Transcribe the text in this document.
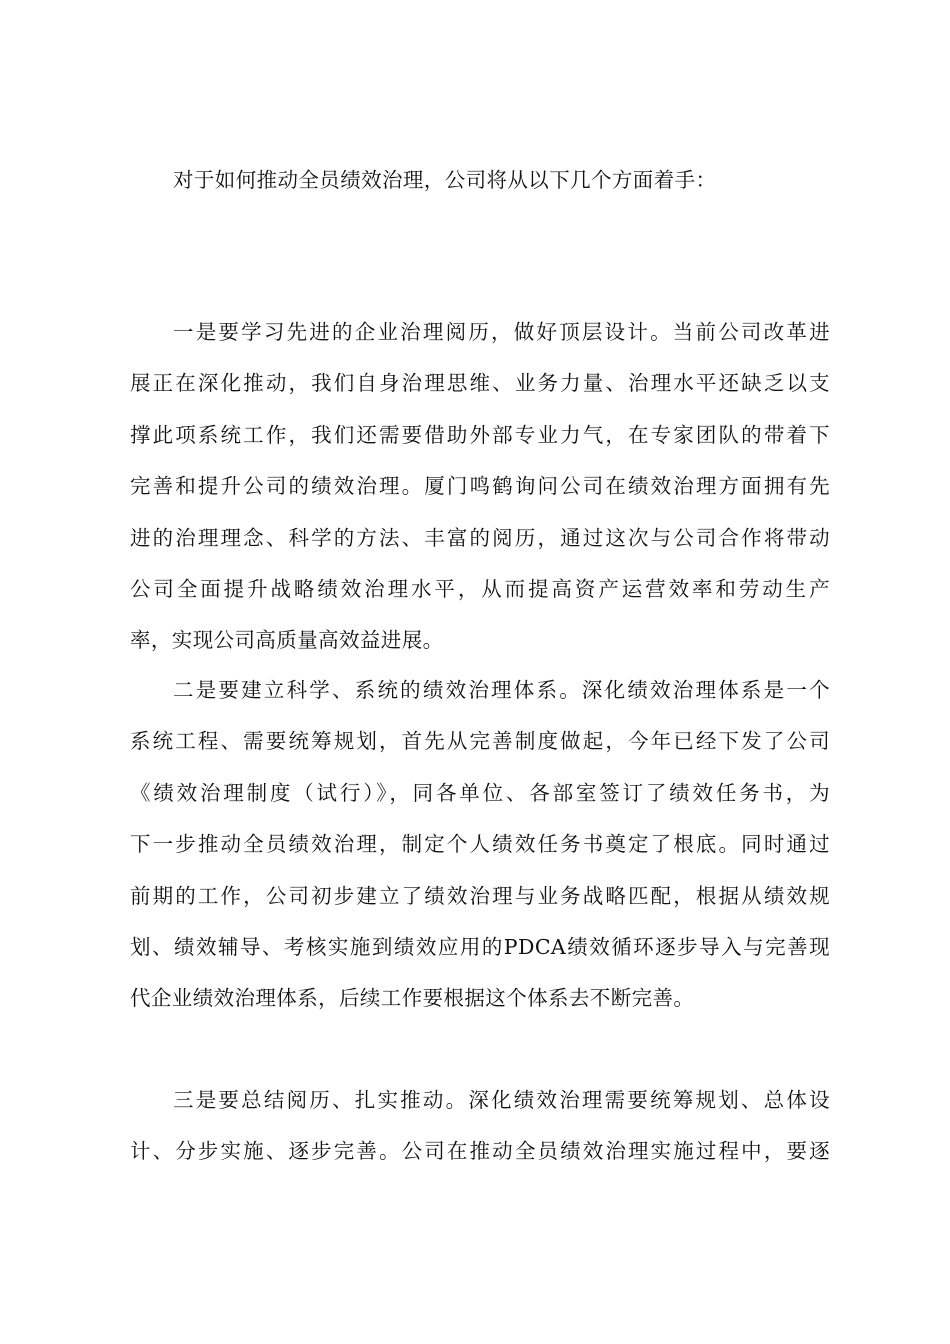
对于如何推动全员绩效治理，公司将从以下几个方面着手：

一是要学习先进的企业治理阅历，做好顶层设计。当前公司改革进
展正在深化推动，我们自身治理思维、业务力量、治理水平还缺乏以支
撑此项系统工作，我们还需要借助外部专业力气，在专家团队的带着下
完善和提升公司的绩效治理。厦门鸣鹤询问公司在绩效治理方面拥有先
进的治理理念、科学的方法、丰富的阅历，通过这次与公司合作将带动
公司全面提升战略绩效治理水平，从而提高资产运营效率和劳动生产
率，实现公司高质量高效益进展。

二是要建立科学、系统的绩效治理体系。深化绩效治理体系是一个
系统工程、需要统筹规划，首先从完善制度做起，今年已经下发了公司
《绩效治理制度（试行）》，同各单位、各部室签订了绩效任务书，为
下一步推动全员绩效治理，制定个人绩效任务书奠定了根底。同时通过
前期的工作，公司初步建立了绩效治理与业务战略匹配，根据从绩效规
划、绩效辅导、考核实施到绩效应用的PDCA绩效循环逐步导入与完善现
代企业绩效治理体系，后续工作要根据这个体系去不断完善。

三是要总结阅历、扎实推动。深化绩效治理需要统筹规划、总体设
计、分步实施、逐步完善。公司在推动全员绩效治理实施过程中，要逐
